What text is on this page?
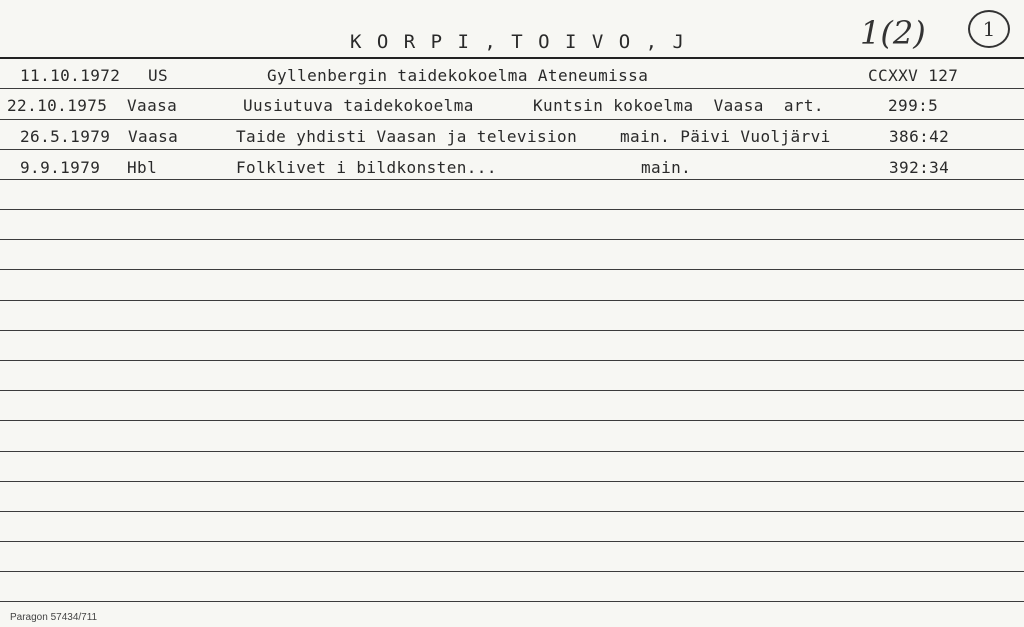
K O R P I , T O I V O , J	1(2)	1
11.10.1972 US	Gyllenbergin taidekokoelma Ateneumissa	CCXXV 127
22.10.1975 Vaasa	Uusiutuva taidekokoelma	Kuntsin kokoelma  Vaasa  art.	299:5
26.5.1979 Vaasa	Taide yhdisti Vaasan ja television	main. Päivi Vuoljärvi	386:42
9.9.1979 Hbl	Folklivet i bildkonsten...	main.	392:34
Paragon 57434/711
